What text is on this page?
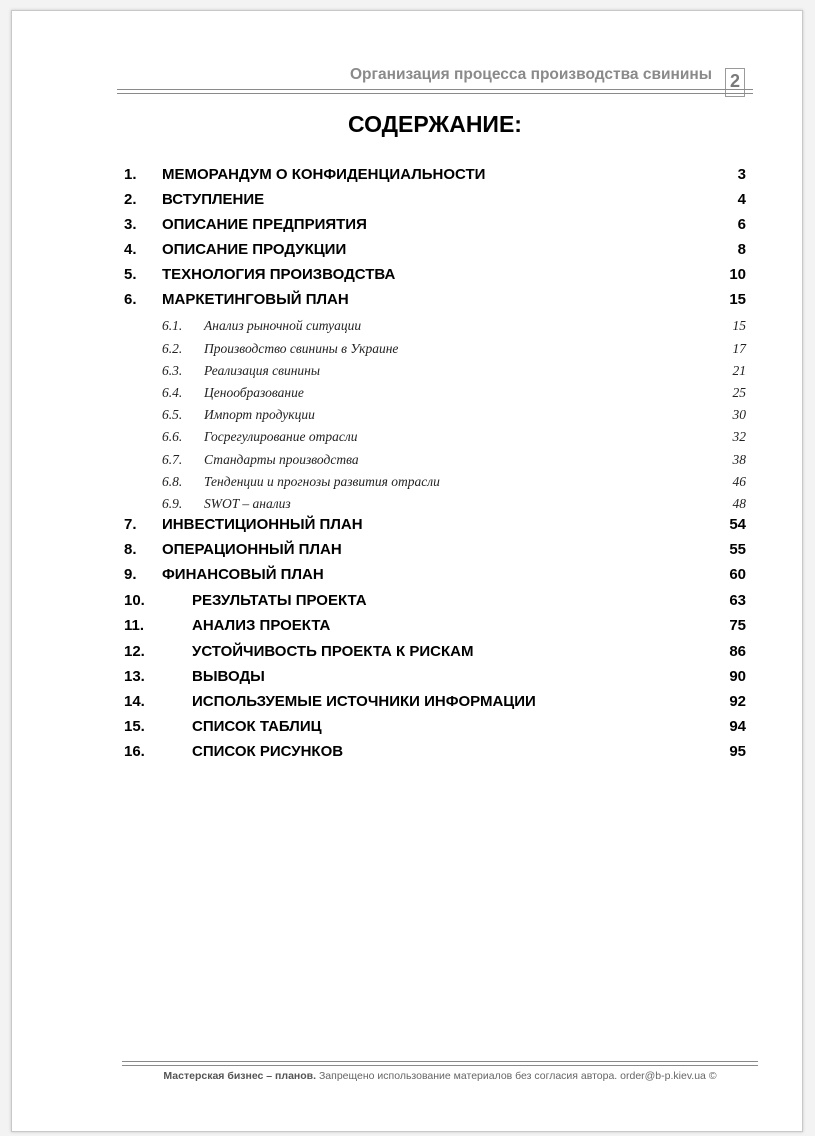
Организация процесса производства свинины 2
СОДЕРЖАНИЕ:
1. МЕМОРАНДУМ О КОНФИДЕНЦИАЛЬНОСТИ	3
2. ВСТУПЛЕНИЕ	4
3. ОПИСАНИЕ ПРЕДПРИЯТИЯ	6
4. ОПИСАНИЕ ПРОДУКЦИИ	8
5. ТЕХНОЛОГИЯ ПРОИЗВОДСТВА	10
6. МАРКЕТИНГОВЫЙ ПЛАН	15
6.1. Анализ рыночной ситуации	15
6.2. Производство свинины в Украине	17
6.3. Реализация свинины	21
6.4. Ценообразование	25
6.5. Импорт продукции	30
6.6. Госрегулирование отрасли	32
6.7. Стандарты производства	38
6.8. Тенденции и прогнозы развития отрасли	46
6.9. SWOT – анализ	48
7. ИНВЕСТИЦИОННЫЙ ПЛАН	54
8. ОПЕРАЦИОННЫЙ ПЛАН	55
9. ФИНАНСОВЫЙ ПЛАН	60
10.	РЕЗУЛЬТАТЫ ПРОЕКТА	63
11.	АНАЛИЗ ПРОЕКТА	75
12.	УСТОЙЧИВОСТЬ ПРОЕКТА К РИСКАМ	86
13.	ВЫВОДЫ	90
14.	ИСПОЛЬЗУЕМЫЕ ИСТОЧНИКИ ИНФОРМАЦИИ	92
15.	СПИСОК ТАБЛИЦ	94
16.	СПИСОК РИСУНКОВ	95
Мастерская бизнес – планов. Запрещено использование материалов без согласия автора. order@b-p.kiev.ua ©
